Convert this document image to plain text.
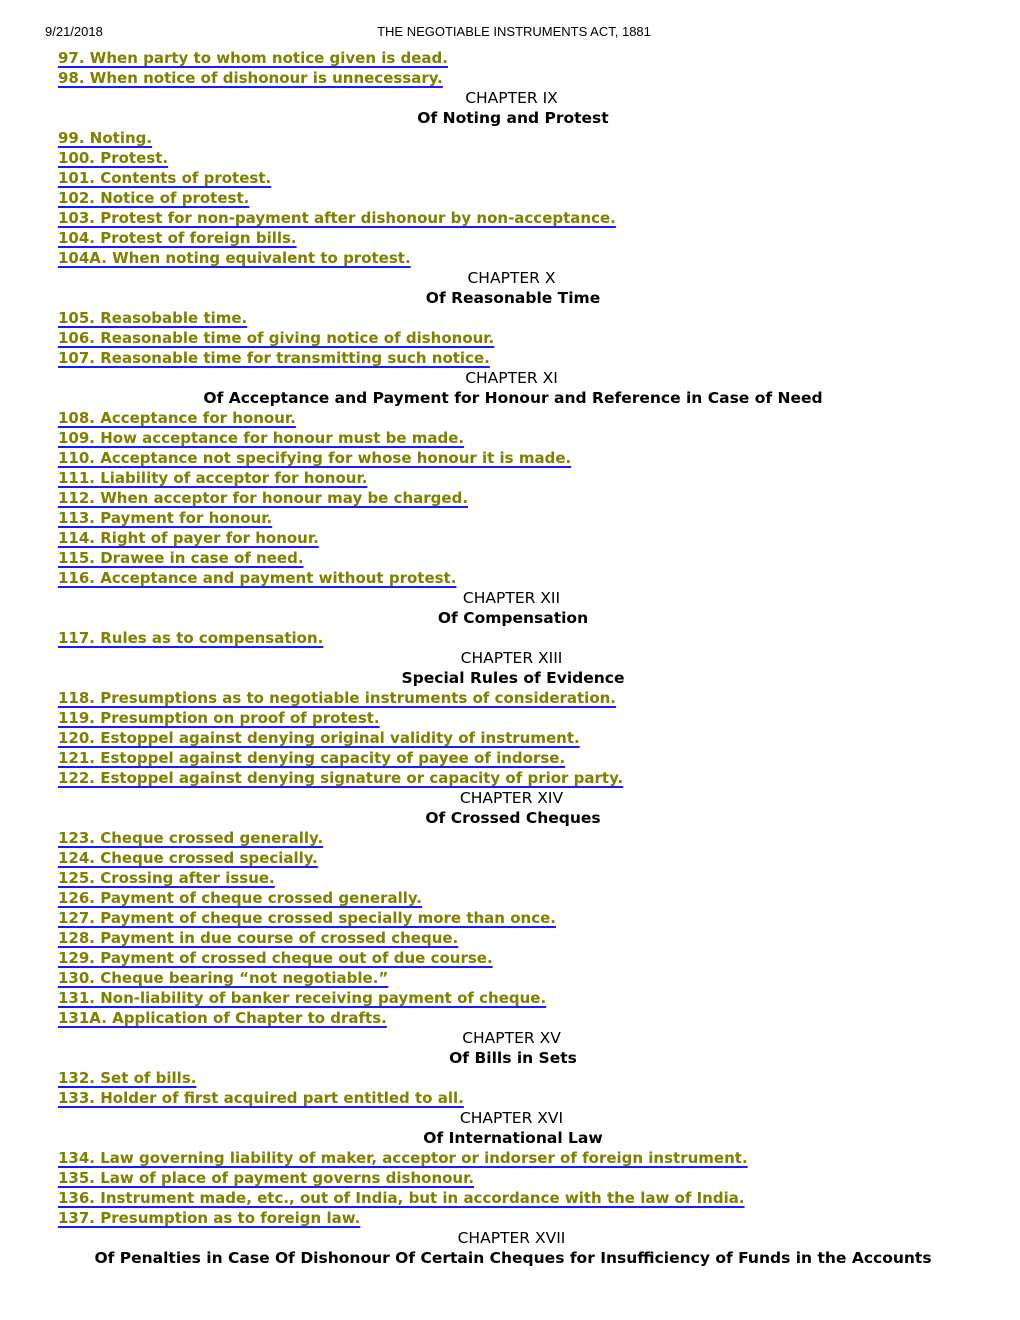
9/21/2018	THE NEGOTIABLE INSTRUMENTS ACT, 1881
97. When party to whom notice given is dead.
98. When notice of dishonour is unnecessary.
CHAPTER IX
Of Noting and Protest
99. Noting.
100. Protest.
101. Contents of protest.
102. Notice of protest.
103. Protest for non-payment after dishonour by non-acceptance.
104. Protest of foreign bills.
104A. When noting equivalent to protest.
CHAPTER X
Of Reasonable Time
105. Reasobable time.
106. Reasonable time of giving notice of dishonour.
107. Reasonable time for transmitting such notice.
CHAPTER XI
Of Acceptance and Payment for Honour and Reference in Case of Need
108. Acceptance for honour.
109. How acceptance for honour must be made.
110. Acceptance not specifying for whose honour it is made.
111. Liability of acceptor for honour.
112. When acceptor for honour may be charged.
113. Payment for honour.
114. Right of payer for honour.
115. Drawee in case of need.
116. Acceptance and payment without protest.
CHAPTER XII
Of Compensation
117. Rules as to compensation.
CHAPTER XIII
Special Rules of Evidence
118. Presumptions as to negotiable instruments of consideration.
119. Presumption on proof of protest.
120. Estoppel against denying original validity of instrument.
121. Estoppel against denying capacity of payee of indorse.
122. Estoppel against denying signature or capacity of prior party.
CHAPTER XIV
Of Crossed Cheques
123. Cheque crossed generally.
124. Cheque crossed specially.
125. Crossing after issue.
126. Payment of cheque crossed generally.
127. Payment of cheque crossed specially more than once.
128. Payment in due course of crossed cheque.
129. Payment of crossed cheque out of due course.
130. Cheque bearing “not negotiable.”
131. Non-liability of banker receiving payment of cheque.
131A. Application of Chapter to drafts.
CHAPTER XV
Of Bills in Sets
132. Set of bills.
133. Holder of first acquired part entitled to all.
CHAPTER XVI
Of International Law
134. Law governing liability of maker, acceptor or indorser of foreign instrument.
135. Law of place of payment governs dishonour.
136. Instrument made, etc., out of India, but in accordance with the law of India.
137. Presumption as to foreign law.
CHAPTER XVII
Of Penalties in Case Of Dishonour Of Certain Cheques for Insufficiency of Funds in the Accounts
